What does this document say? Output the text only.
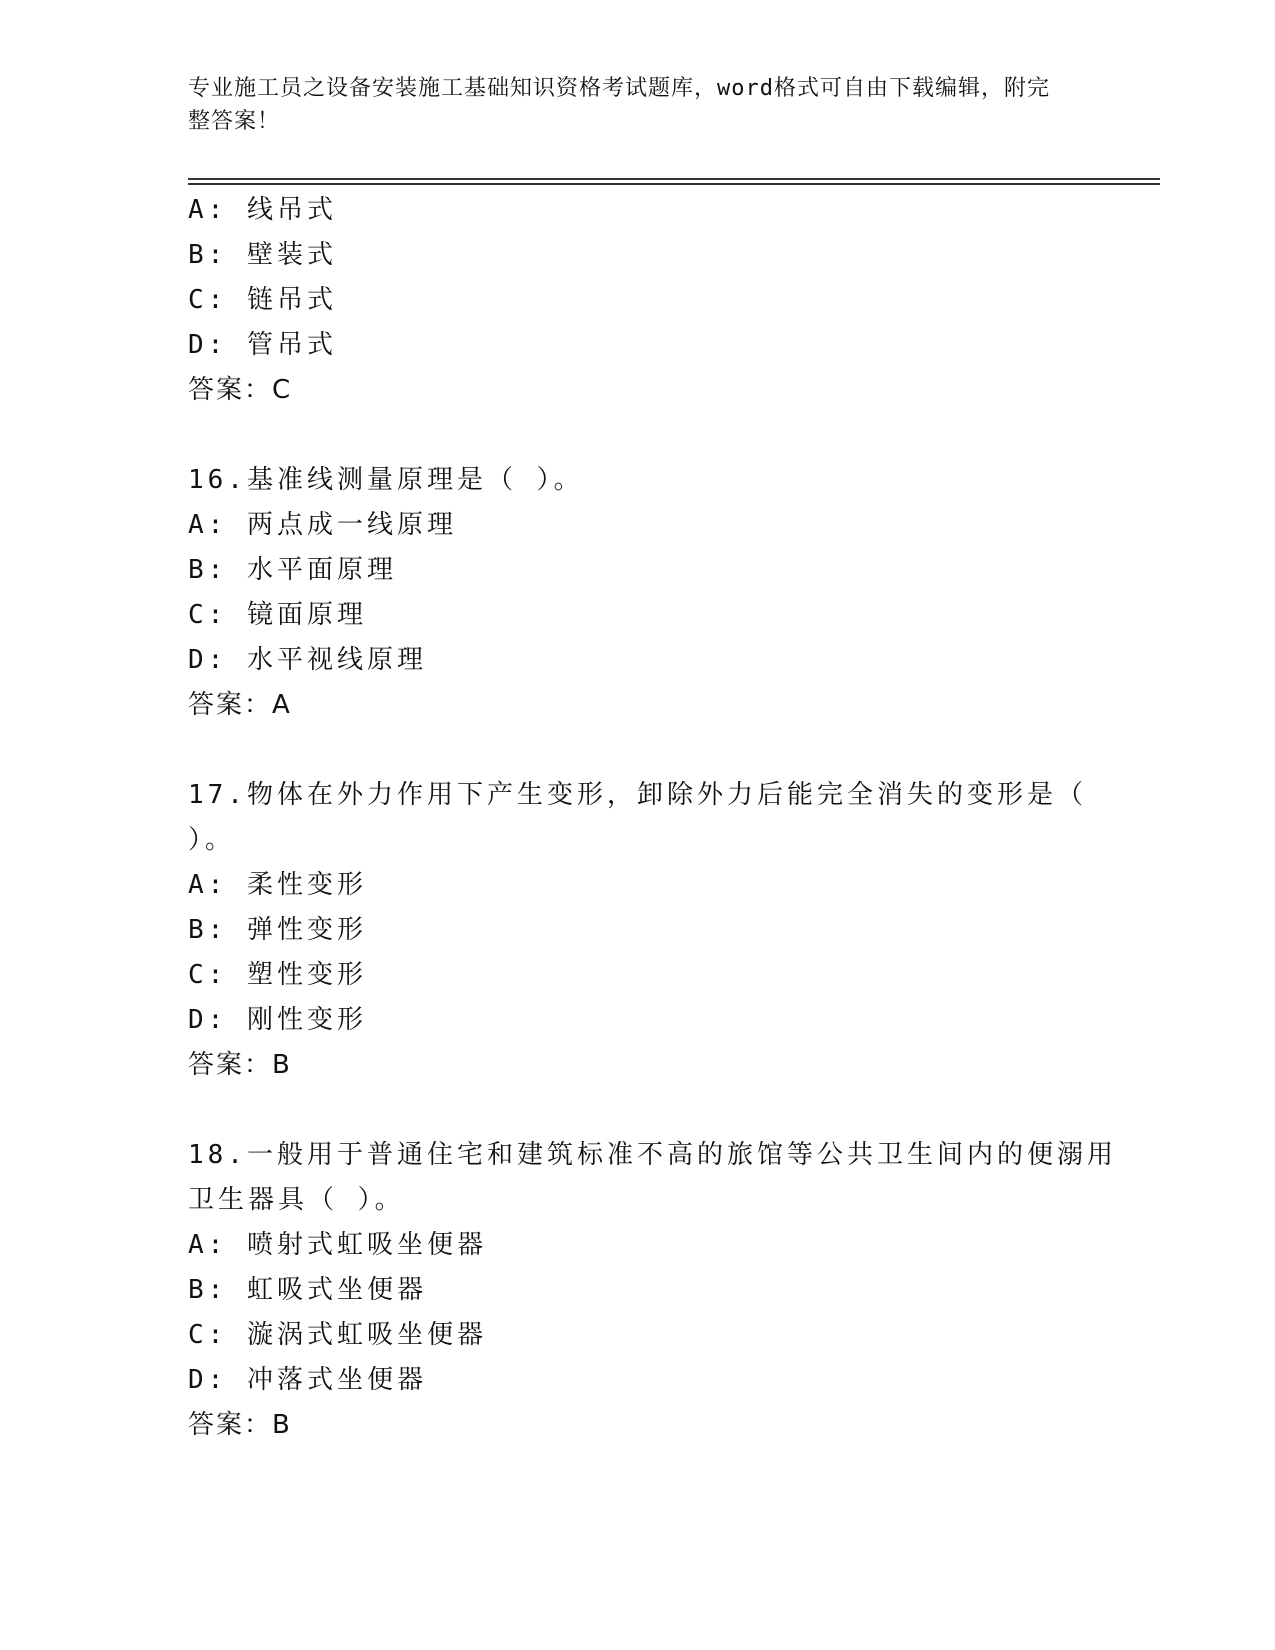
专业施工员之设备安装施工基础知识资格考试题库，word格式可自由下载编辑，附完整答案！
A: 线吊式
B: 壁装式
C: 链吊式
D: 管吊式
答案：C
16.基准线测量原理是（ ）。
A: 两点成一线原理
B: 水平面原理
C: 镜面原理
D: 水平视线原理
答案：A
17.物体在外力作用下产生变形，卸除外力后能完全消失的变形是（
）。
A: 柔性变形
B: 弹性变形
C: 塑性变形
D: 刚性变形
答案：B
18.一般用于普通住宅和建筑标准不高的旅馆等公共卫生间内的便溺用
卫生器具（ ）。
A: 喷射式虹吸坐便器
B: 虹吸式坐便器
C: 漩涡式虹吸坐便器
D: 冲落式坐便器
答案：B
